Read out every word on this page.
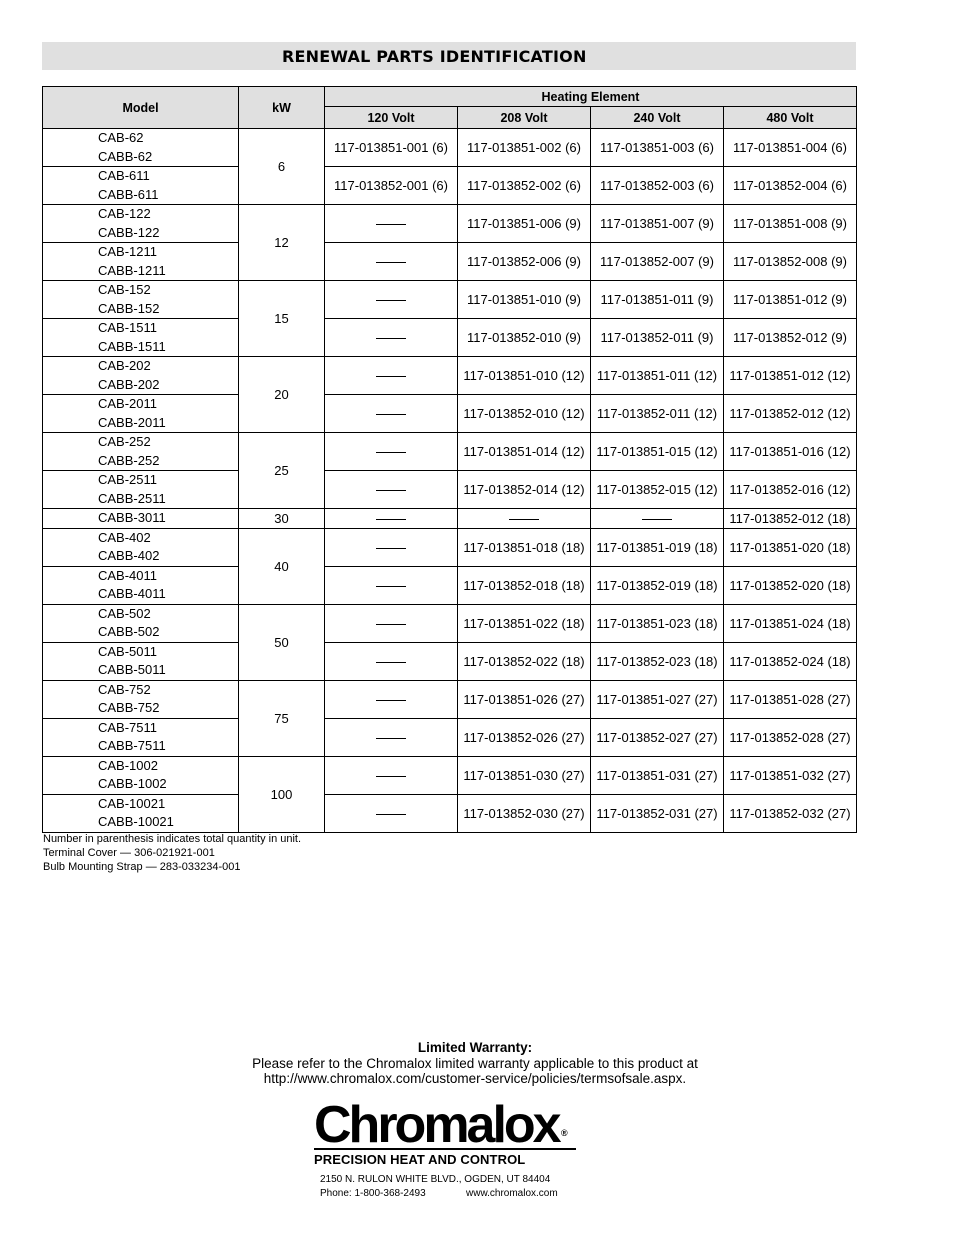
RENEWAL PARTS IDENTIFICATION
Model	kW	Heating Element			
		120 Volt	208 Volt	240 Volt	480 Volt

CAB-62
CABB-62	6	117-013851-001 (6)	117-013851-002 (6)	117-013851-003 (6)	117-013851-004 (6)

CAB-611
CABB-611		117-013852-001 (6)	117-013852-002 (6)	117-013852-003 (6)	117-013852-004 (6)

CAB-122
CABB-122	12		117-013851-006 (9)	117-013851-007 (9)	117-013851-008 (9)

CAB-1211
CABB-1211			117-013852-006 (9)	117-013852-007 (9)	117-013852-008 (9)

CAB-152
CABB-152	15		117-013851-010 (9)	117-013851-011 (9)	117-013851-012 (9)

CAB-1511
CABB-1511			117-013852-010 (9)	117-013852-011 (9)	117-013852-012 (9)

CAB-202
CABB-202	20		117-013851-010 (12)	117-013851-011 (12)	117-013851-012 (12)

CAB-2011
CABB-2011			117-013852-010 (12)	117-013852-011 (12)	117-013852-012 (12)

CAB-252
CABB-252	25		117-013851-014 (12)	117-013851-015 (12)	117-013851-016 (12)

CAB-2511
CABB-2511			117-013852-014 (12)	117-013852-015 (12)	117-013852-016 (12)

CABB-3011	30				117-013852-012 (18)

CAB-402
CABB-402	40		117-013851-018 (18)	117-013851-019 (18)	117-013851-020 (18)

CAB-4011
CABB-4011			117-013852-018 (18)	117-013852-019 (18)	117-013852-020 (18)

CAB-502
CABB-502	50		117-013851-022 (18)	117-013851-023 (18)	117-013851-024 (18)

CAB-5011
CABB-5011			117-013852-022 (18)	117-013852-023 (18)	117-013852-024 (18)

CAB-752
CABB-752	75		117-013851-026 (27)	117-013851-027 (27)	117-013851-028 (27)

CAB-7511
CABB-7511			117-013852-026 (27)	117-013852-027 (27)	117-013852-028 (27)

CAB-1002
CABB-1002	100		117-013851-030 (27)	117-013851-031 (27)	117-013851-032 (27)

CAB-10021
CABB-10021			117-013852-030 (27)	117-013852-031 (27)	117-013852-032 (27)
Number in parenthesis indicates total quantity in unit.
Terminal Cover — 306-021921-001
Bulb Mounting Strap — 283-033234-001
Limited Warranty:
Please refer to the Chromalox limited warranty applicable to this product at
http://www.chromalox.com/customer-service/policies/termsofsale.aspx.
Chromalox ®
PRECISION HEAT AND CONTROL
2150 N. RULON WHITE BLVD., OGDEN, UT 84404
Phone: 1-800-368-2493	www.chromalox.com
